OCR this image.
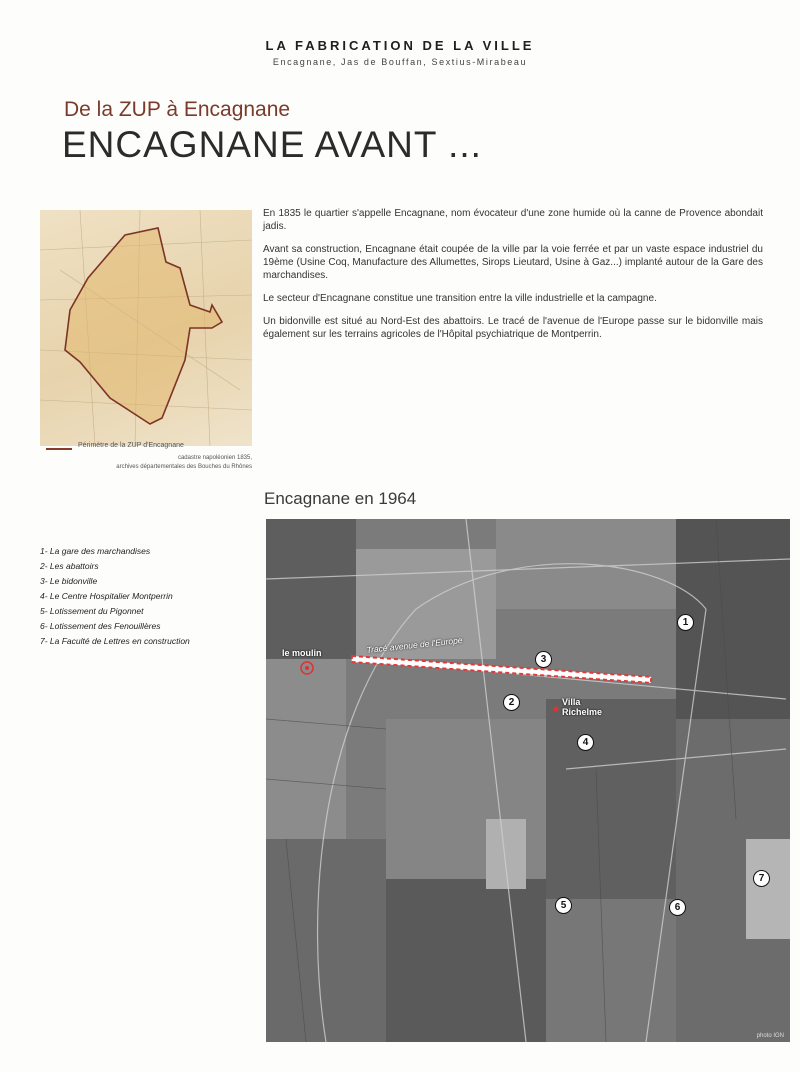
LA FABRICATION DE LA VILLE
Encagnane, Jas de Bouffan, Sextius-Mirabeau
De la ZUP à Encagnane
ENCAGNANE AVANT ...
Périmètre de la ZUP d'Encagnane
cadastre napoléonien 1835,
archives départementales des Bouches du Rhônes

En 1835 le quartier s'appelle Encagnane, nom évocateur d'une zone humide où la canne de Provence abondait jadis.

Avant sa construction, Encagnane était coupée de la ville par la voie ferrée et par un vaste espace industriel du 19ème (Usine Coq, Manufacture des Allumettes, Sirops Lieutard, Usine à Gaz...) implanté autour de la Gare des marchandises.

Le secteur d'Encagnane constitue une transition entre la ville industrielle et la campagne.

Un bidonville est situé au Nord-Est des abattoirs. Le tracé de l'avenue de l'Europe passe sur le bidonville mais également sur les terrains agricoles de l'Hôpital psychiatrique de Montperrin.

Encagnane en 1964
1- La gare des marchandises
2- Les abattoirs
3- Le bidonville
4- Le Centre Hospitalier Montperrin
5- Lotissement du Pigonnet
6- Lotissement des Fenouillères
7- La Faculté de Lettres en construction
le moulin	Tracé avenue de l'Europe
Villa
Richelme
1
2
3
4
5	6
7
photo IGN
